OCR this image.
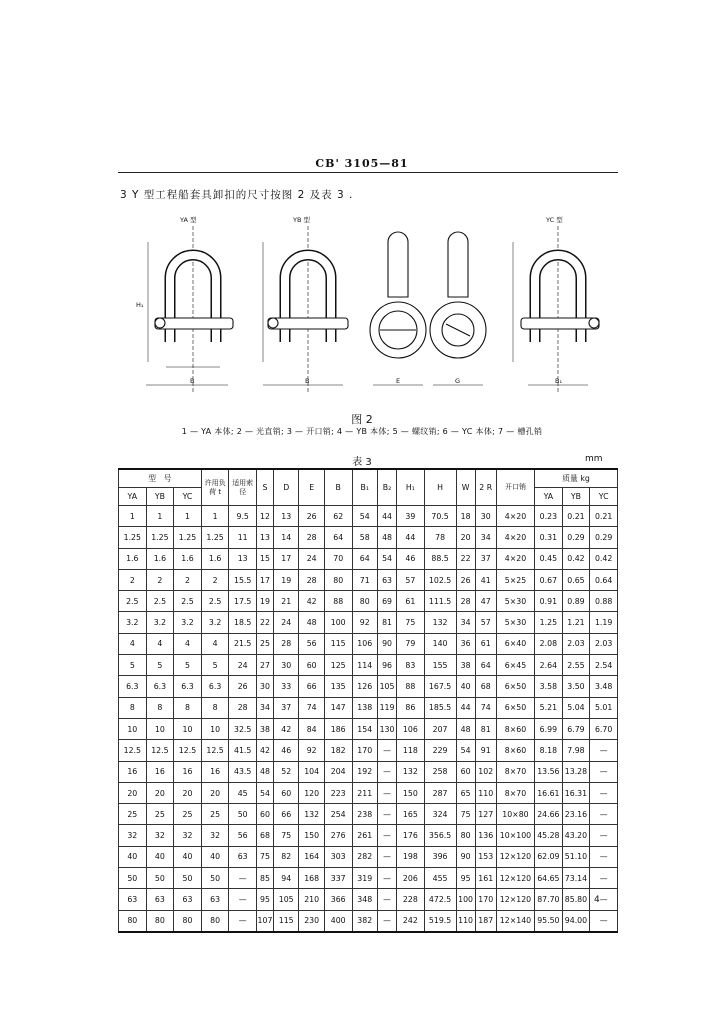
CB' 3105—81
3 Y 型工程船套具卸扣的尺寸按图 2 及表 3 .
YA 型
B
H₁
YB 型
B	E	G
YC 型
B₁
图 2
1 — YA 本体; 2 — 光直销; 3 — 开口销; 4 — YB 本体; 5 — 螺纹销; 6 — YC 本体; 7 — 槽孔销
表 3	mm
型　号			许用负荷 t	适用索径	S	D	E	B	B₁	B₂	H₁	H	W	2 R	开口销	质量 kg		
YA	YB	YC														YA	YB	YC
1	1	1	1	9.5	12	13	26	62	54	44	39	70.5	18	30	4×20	0.23	0.21	0.21
1.25	1.25	1.25	1.25	11	13	14	28	64	58	48	44	78	20	34	4×20	0.31	0.29	0.29
1.6	1.6	1.6	1.6	13	15	17	24	70	64	54	46	88.5	22	37	4×20	0.45	0.42	0.42
2	2	2	2	15.5	17	19	28	80	71	63	57	102.5	26	41	5×25	0.67	0.65	0.64
2.5	2.5	2.5	2.5	17.5	19	21	42	88	80	69	61	111.5	28	47	5×30	0.91	0.89	0.88
3.2	3.2	3.2	3.2	18.5	22	24	48	100	92	81	75	132	34	57	5×30	1.25	1.21	1.19
4	4	4	4	21.5	25	28	56	115	106	90	79	140	36	61	6×40	2.08	2.03	2.03
5	5	5	5	24	27	30	60	125	114	96	83	155	38	64	6×45	2.64	2.55	2.54
6.3	6.3	6.3	6.3	26	30	33	66	135	126	105	88	167.5	40	68	6×50	3.58	3.50	3.48
8	8	8	8	28	34	37	74	147	138	119	86	185.5	44	74	6×50	5.21	5.04	5.01
10	10	10	10	32.5	38	42	84	186	154	130	106	207	48	81	8×60	6.99	6.79	6.70
12.5	12.5	12.5	12.5	41.5	42	46	92	182	170	—	118	229	54	91	8×60	8.18	7.98	—
16	16	16	16	43.5	48	52	104	204	192	—	132	258	60	102	8×70	13.56	13.28	—
20	20	20	20	45	54	60	120	223	211	—	150	287	65	110	8×70	16.61	16.31	—
25	25	25	25	50	60	66	132	254	238	—	165	324	75	127	10×80	24.66	23.16	—
32	32	32	32	56	68	75	150	276	261	—	176	356.5	80	136	10×100	45.28	43.20	—
40	40	40	40	63	75	82	164	303	282	—	198	396	90	153	12×120	62.09	51.10	—
50	50	50	50	—	85	94	168	337	319	—	206	455	95	161	12×120	64.65	73.14	—
63	63	63	63	—	95	105	210	366	348	—	228	472.5	100	170	12×120	87.70	85.80	—
80	80	80	80	—	107	115	230	400	382	—	242	519.5	110	187	12×140	95.50	94.00	—
4
